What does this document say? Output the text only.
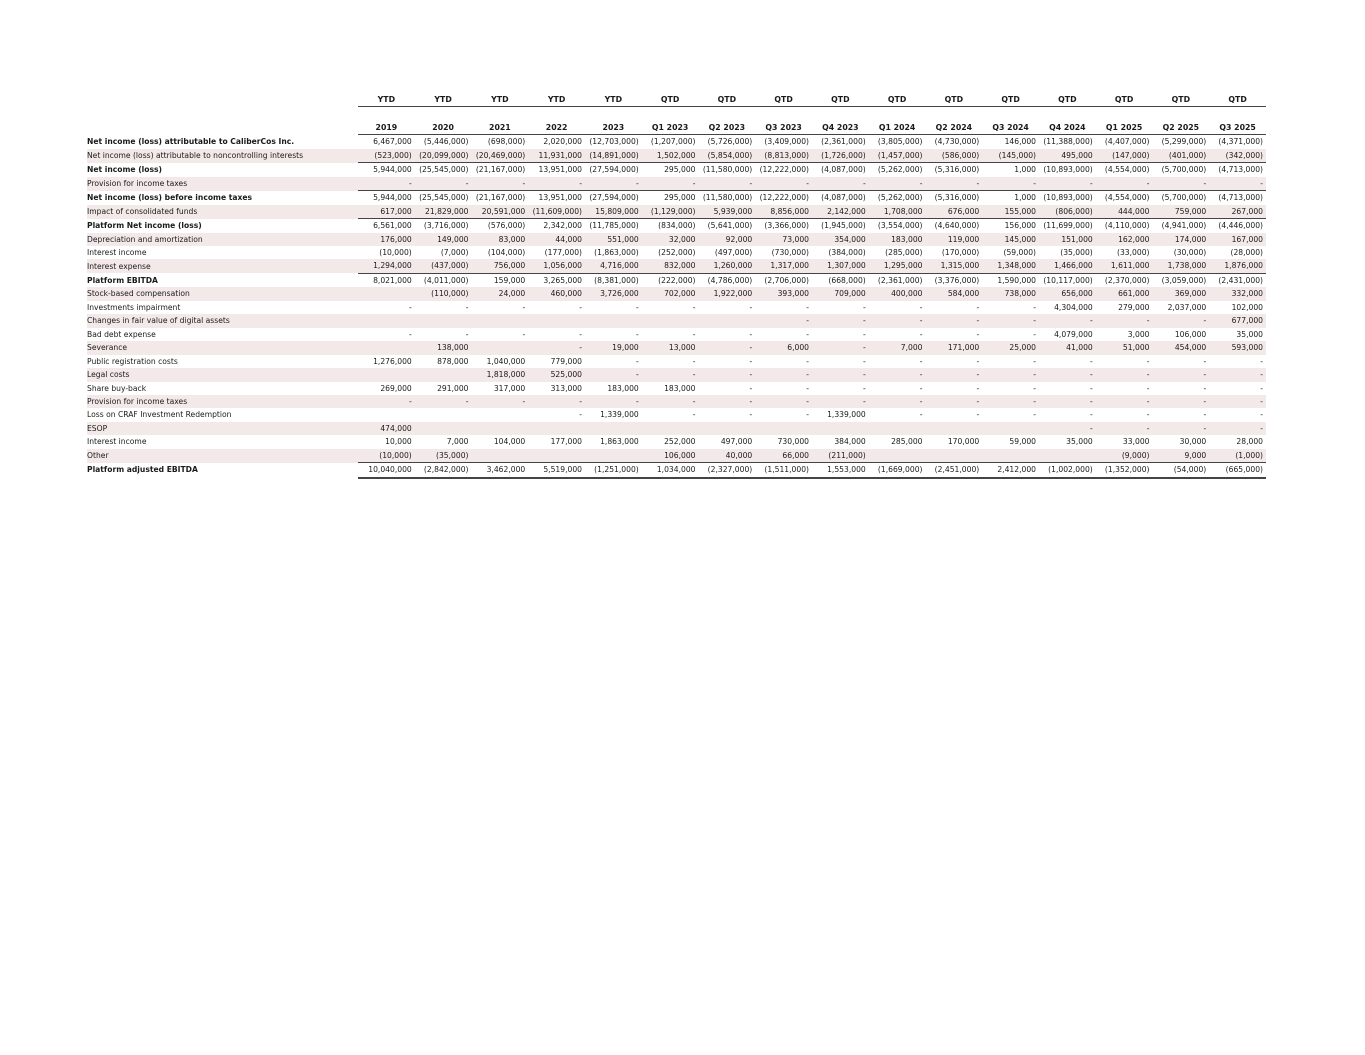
	YTD	YTD	YTD	YTD	YTD	QTD	QTD	QTD	QTD	QTD	QTD	QTD	QTD	QTD	QTD	QTD

	2019	2020	2021	2022	2023	Q1 2023	Q2 2023	Q3 2023	Q4 2023	Q1 2024	Q2 2024	Q3 2024	Q4 2024	Q1 2025	Q2 2025	Q3 2025
Net income (loss) attributable to CaliberCos Inc.	6,467,000	(5,446,000)	(698,000)	2,020,000	(12,703,000)	(1,207,000)	(5,726,000)	(3,409,000)	(2,361,000)	(3,805,000)	(4,730,000)	146,000	(11,388,000)	(4,407,000)	(5,299,000)	(4,371,000)
Net income (loss) attributable to noncontrolling interests	(523,000)	(20,099,000)	(20,469,000)	11,931,000	(14,891,000)	1,502,000	(5,854,000)	(8,813,000)	(1,726,000)	(1,457,000)	(586,000)	(145,000)	495,000	(147,000)	(401,000)	(342,000)
Net income (loss)	5,944,000	(25,545,000)	(21,167,000)	13,951,000	(27,594,000)	295,000	(11,580,000)	(12,222,000)	(4,087,000)	(5,262,000)	(5,316,000)	1,000	(10,893,000)	(4,554,000)	(5,700,000)	(4,713,000)
Provision for income taxes	-	-	-	-	-	-	-	-	-	-	-	-	-	-	-	-
Net income (loss) before income taxes	5,944,000	(25,545,000)	(21,167,000)	13,951,000	(27,594,000)	295,000	(11,580,000)	(12,222,000)	(4,087,000)	(5,262,000)	(5,316,000)	1,000	(10,893,000)	(4,554,000)	(5,700,000)	(4,713,000)
Impact of consolidated funds	617,000	21,829,000	20,591,000	(11,609,000)	15,809,000	(1,129,000)	5,939,000	8,856,000	2,142,000	1,708,000	676,000	155,000	(806,000)	444,000	759,000	267,000
Platform Net income (loss)	6,561,000	(3,716,000)	(576,000)	2,342,000	(11,785,000)	(834,000)	(5,641,000)	(3,366,000)	(1,945,000)	(3,554,000)	(4,640,000)	156,000	(11,699,000)	(4,110,000)	(4,941,000)	(4,446,000)
Depreciation and amortization	176,000	149,000	83,000	44,000	551,000	32,000	92,000	73,000	354,000	183,000	119,000	145,000	151,000	162,000	174,000	167,000
Interest income	(10,000)	(7,000)	(104,000)	(177,000)	(1,863,000)	(252,000)	(497,000)	(730,000)	(384,000)	(285,000)	(170,000)	(59,000)	(35,000)	(33,000)	(30,000)	(28,000)
Interest expense	1,294,000	(437,000)	756,000	1,056,000	4,716,000	832,000	1,260,000	1,317,000	1,307,000	1,295,000	1,315,000	1,348,000	1,466,000	1,611,000	1,738,000	1,876,000
Platform EBITDA	8,021,000	(4,011,000)	159,000	3,265,000	(8,381,000)	(222,000)	(4,786,000)	(2,706,000)	(668,000)	(2,361,000)	(3,376,000)	1,590,000	(10,117,000)	(2,370,000)	(3,059,000)	(2,431,000)
Stock-based compensation		(110,000)	24,000	460,000	3,726,000	702,000	1,922,000	393,000	709,000	400,000	584,000	738,000	656,000	661,000	369,000	332,000
Investments impairment	-	-	-	-	-	-	-	-	-	-	-	-	4,304,000	279,000	2,037,000	102,000
Changes in fair value of digital assets								-	-	-	-	-	-	-	-	677,000
Bad debt expense	-	-	-	-	-	-	-	-	-	-	-	-	4,079,000	3,000	106,000	35,000
Severance		138,000		-	19,000	13,000	-	6,000	-	7,000	171,000	25,000	41,000	51,000	454,000	593,000
Public registration costs	1,276,000	878,000	1,040,000	779,000	-	-	-	-	-	-	-	-	-	-	-	-
Legal costs			1,818,000	525,000	-	-	-	-	-	-	-	-	-	-	-	-
Share buy-back	269,000	291,000	317,000	313,000	183,000	183,000	-	-	-	-	-	-	-	-	-	-
Provision for income taxes	-	-	-	-	-	-	-	-	-	-	-	-	-	-	-	-
Loss on CRAF Investment Redemption				-	1,339,000	-	-	-	1,339,000	-	-	-	-	-	-	-
ESOP	474,000												-	-	-	-
Interest income	10,000	7,000	104,000	177,000	1,863,000	252,000	497,000	730,000	384,000	285,000	170,000	59,000	35,000	33,000	30,000	28,000
Other	(10,000)	(35,000)				106,000	40,000	66,000	(211,000)					(9,000)	9,000	(1,000)
Platform adjusted EBITDA	10,040,000	(2,842,000)	3,462,000	5,519,000	(1,251,000)	1,034,000	(2,327,000)	(1,511,000)	1,553,000	(1,669,000)	(2,451,000)	2,412,000	(1,002,000)	(1,352,000)	(54,000)	(665,000)
